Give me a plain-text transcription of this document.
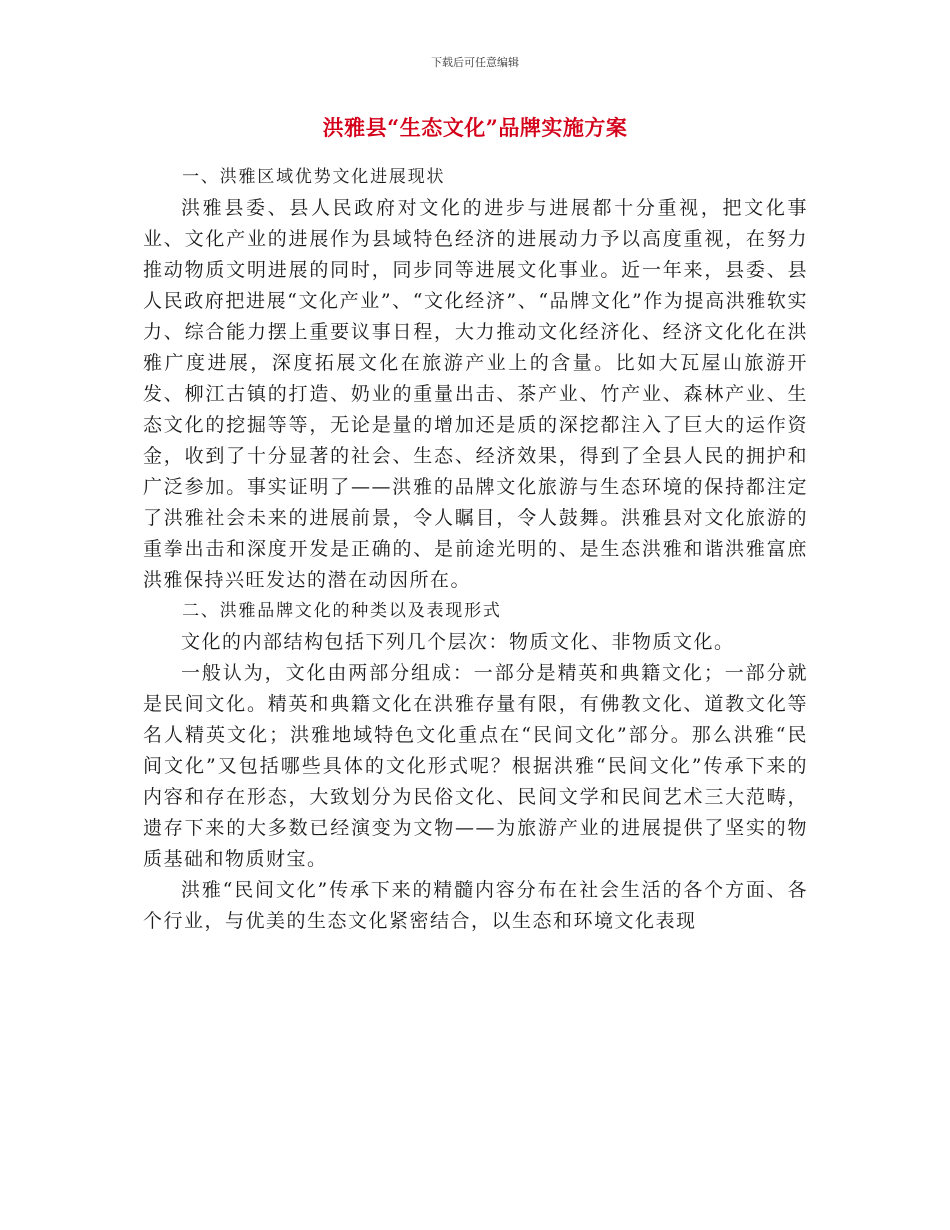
下载后可任意编辑
洪雅县“生态文化”品牌实施方案

一、洪雅区域优势文化进展现状

洪雅县委、县人民政府对文化的进步与进展都十分重视，把文化事业、文化产业的进展作为县域特色经济的进展动力予以高度重视，在努力推动物质文明进展的同时，同步同等进展文化事业。近一年来，县委、县人民政府把进展“文化产业”、“文化经济”、“品牌文化”作为提高洪雅软实力、综合能力摆上重要议事日程，大力推动文化经济化、经济文化化在洪雅广度进展，深度拓展文化在旅游产业上的含量。比如大瓦屋山旅游开发、柳江古镇的打造、奶业的重量出击、茶产业、竹产业、森林产业、生态文化的挖掘等等，无论是量的增加还是质的深挖都注入了巨大的运作资金，收到了十分显著的社会、生态、经济效果，得到了全县人民的拥护和广泛参加。事实证明了——洪雅的品牌文化旅游与生态环境的保持都注定了洪雅社会未来的进展前景，令人瞩目，令人鼓舞。洪雅县对文化旅游的重拳出击和深度开发是正确的、是前途光明的、是生态洪雅和谐洪雅富庶洪雅保持兴旺发达的潜在动因所在。

二、洪雅品牌文化的种类以及表现形式

文化的内部结构包括下列几个层次：物质文化、非物质文化。

一般认为，文化由两部分组成：一部分是精英和典籍文化；一部分就是民间文化。精英和典籍文化在洪雅存量有限，有佛教文化、道教文化等名人精英文化；洪雅地域特色文化重点在“民间文化”部分。那么洪雅“民间文化”又包括哪些具体的文化形式呢？根据洪雅“民间文化”传承下来的内容和存在形态，大致划分为民俗文化、民间文学和民间艺术三大范畴，遗存下来的大多数已经演变为文物——为旅游产业的进展提供了坚实的物质基础和物质财宝。

洪雅“民间文化”传承下来的精髓内容分布在社会生活的各个方面、各个行业，与优美的生态文化紧密结合，以生态和环境文化表现
